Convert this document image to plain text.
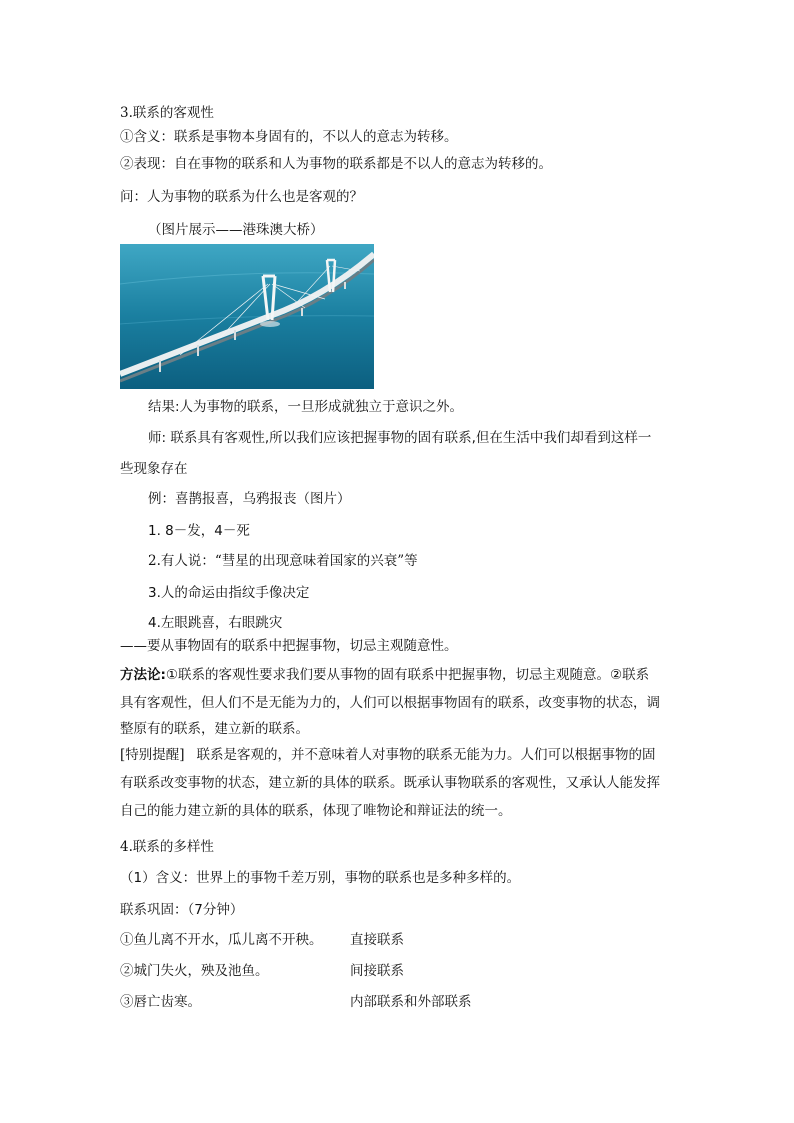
3.联系的客观性
①含义：联系是事物本身固有的，不以人的意志为转移。
②表现：自在事物的联系和人为事物的联系都是不以人的意志为转移的。
问：人为事物的联系为什么也是客观的？
（图片展示——港珠澳大桥）
结果:人为事物的联系，一旦形成就独立于意识之外。
师: 联系具有客观性,所以我们应该把握事物的固有联系,但在生活中我们却看到这样一
些现象存在
例：喜鹊报喜，乌鸦报丧（图片）
1. 8－发，4－死
2.有人说：“彗星的出现意味着国家的兴衰”等
3.人的命运由指纹手像决定
4.左眼跳喜，右眼跳灾
——要从事物固有的联系中把握事物，切忌主观随意性。
方法论:①联系的客观性要求我们要从事物的固有联系中把握事物，切忌主观随意。②联系
具有客观性，但人们不是无能为力的，人们可以根据事物固有的联系，改变事物的状态，调
整原有的联系，建立新的联系。
[特别提醒] 联系是客观的，并不意味着人对事物的联系无能为力。人们可以根据事物的固
有联系改变事物的状态，建立新的具体的联系。既承认事物联系的客观性，又承认人能发挥
自己的能力建立新的具体的联系，体现了唯物论和辩证法的统一。
4.联系的多样性
（1）含义：世界上的事物千差万别，事物的联系也是多种多样的。
联系巩固：（7分钟）
①鱼儿离不开水，瓜儿离不开秧。 直接联系
②城门失火，殃及池鱼。	间接联系
③唇亡齿寒。	内部联系和外部联系
